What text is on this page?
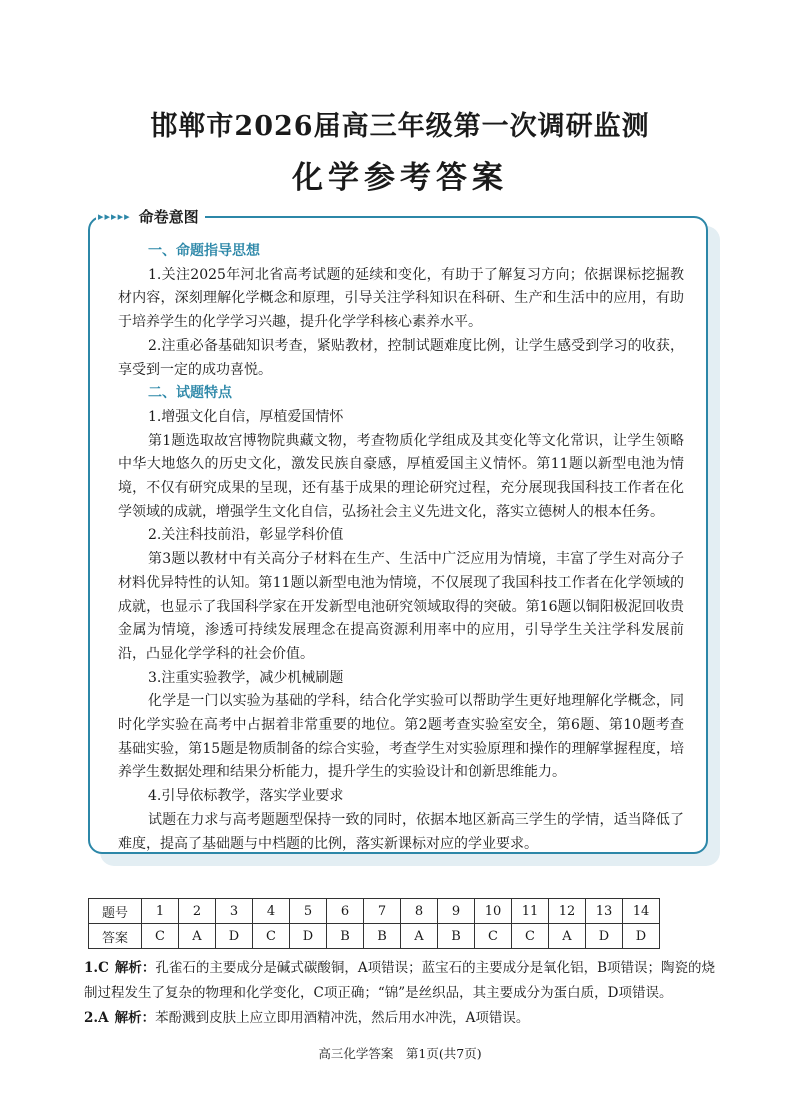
邯郸市2026届高三年级第一次调研监测
化学参考答案
▸▸▸▸▸ 命卷意图
一、命题指导思想
1.关注2025年河北省高考试题的延续和变化，有助于了解复习方向；依据课标挖掘教材内容，深刻理解化学概念和原理，引导关注学科知识在科研、生产和生活中的应用，有助于培养学生的化学学习兴趣，提升化学学科核心素养水平。
2.注重必备基础知识考查，紧贴教材，控制试题难度比例，让学生感受到学习的收获，享受到一定的成功喜悦。
二、试题特点
1.增强文化自信，厚植爱国情怀
第1题选取故宫博物院典藏文物，考查物质化学组成及其变化等文化常识，让学生领略中华大地悠久的历史文化，激发民族自豪感，厚植爱国主义情怀。第11题以新型电池为情境，不仅有研究成果的呈现，还有基于成果的理论研究过程，充分展现我国科技工作者在化学领域的成就，增强学生文化自信，弘扬社会主义先进文化，落实立德树人的根本任务。
2.关注科技前沿，彰显学科价值
第3题以教材中有关高分子材料在生产、生活中广泛应用为情境，丰富了学生对高分子材料优异特性的认知。第11题以新型电池为情境，不仅展现了我国科技工作者在化学领域的成就，也显示了我国科学家在开发新型电池研究领域取得的突破。第16题以铜阳极泥回收贵金属为情境，渗透可持续发展理念在提高资源利用率中的应用，引导学生关注学科发展前沿，凸显化学学科的社会价值。
3.注重实验教学，减少机械刷题
化学是一门以实验为基础的学科，结合化学实验可以帮助学生更好地理解化学概念，同时化学实验在高考中占据着非常重要的地位。第2题考查实验室安全，第6题、第10题考查基础实验，第15题是物质制备的综合实验，考查学生对实验原理和操作的理解掌握程度，培养学生数据处理和结果分析能力，提升学生的实验设计和创新思维能力。
4.引导依标教学，落实学业要求
试题在力求与高考题题型保持一致的同时，依据本地区新高三学生的学情，适当降低了难度，提高了基础题与中档题的比例，落实新课标对应的学业要求。
题号	1	2	3	4	5	6	7	8	9	10	11	12	13	14
答案	C	A	D	C	D	B	B	A	B	C	C	A	D	D
1.C 解析：孔雀石的主要成分是碱式碳酸铜，A项错误；蓝宝石的主要成分是氧化铝，B项错误；陶瓷的烧制过程发生了复杂的物理和化学变化，C项正确；“锦”是丝织品，其主要成分为蛋白质，D项错误。
2.A 解析：苯酚溅到皮肤上应立即用酒精冲洗，然后用水冲洗，A项错误。
高三化学答案　第1页(共7页)
